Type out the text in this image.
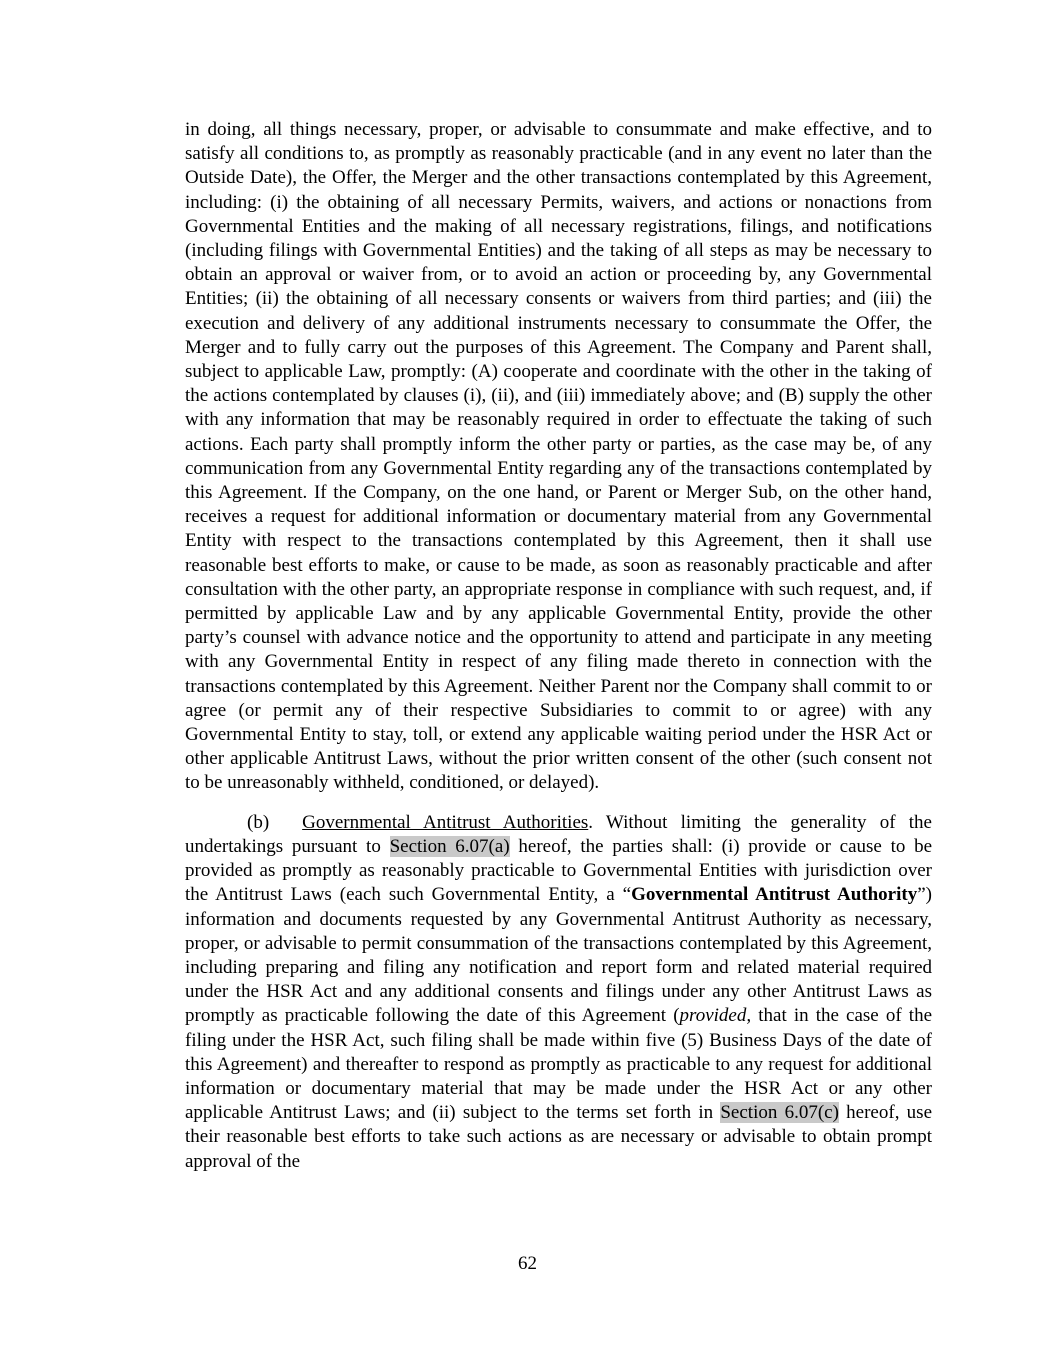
in doing, all things necessary, proper, or advisable to consummate and make effective, and to satisfy all conditions to, as promptly as reasonably practicable (and in any event no later than the Outside Date), the Offer, the Merger and the other transactions contemplated by this Agreement, including: (i) the obtaining of all necessary Permits, waivers, and actions or nonactions from Governmental Entities and the making of all necessary registrations, filings, and notifications (including filings with Governmental Entities) and the taking of all steps as may be necessary to obtain an approval or waiver from, or to avoid an action or proceeding by, any Governmental Entities; (ii) the obtaining of all necessary consents or waivers from third parties; and (iii) the execution and delivery of any additional instruments necessary to consummate the Offer, the Merger and to fully carry out the purposes of this Agreement. The Company and Parent shall, subject to applicable Law, promptly: (A) cooperate and coordinate with the other in the taking of the actions contemplated by clauses (i), (ii), and (iii) immediately above; and (B) supply the other with any information that may be reasonably required in order to effectuate the taking of such actions. Each party shall promptly inform the other party or parties, as the case may be, of any communication from any Governmental Entity regarding any of the transactions contemplated by this Agreement. If the Company, on the one hand, or Parent or Merger Sub, on the other hand, receives a request for additional information or documentary material from any Governmental Entity with respect to the transactions contemplated by this Agreement, then it shall use reasonable best efforts to make, or cause to be made, as soon as reasonably practicable and after consultation with the other party, an appropriate response in compliance with such request, and, if permitted by applicable Law and by any applicable Governmental Entity, provide the other party’s counsel with advance notice and the opportunity to attend and participate in any meeting with any Governmental Entity in respect of any filing made thereto in connection with the transactions contemplated by this Agreement. Neither Parent nor the Company shall commit to or agree (or permit any of their respective Subsidiaries to commit to or agree) with any Governmental Entity to stay, toll, or extend any applicable waiting period under the HSR Act or other applicable Antitrust Laws, without the prior written consent of the other (such consent not to be unreasonably withheld, conditioned, or delayed).

(b) Governmental Antitrust Authorities. Without limiting the generality of the undertakings pursuant to Section 6.07(a) hereof, the parties shall: (i) provide or cause to be provided as promptly as reasonably practicable to Governmental Entities with jurisdiction over the Antitrust Laws (each such Governmental Entity, a “Governmental Antitrust Authority”) information and documents requested by any Governmental Antitrust Authority as necessary, proper, or advisable to permit consummation of the transactions contemplated by this Agreement, including preparing and filing any notification and report form and related material required under the HSR Act and any additional consents and filings under any other Antitrust Laws as promptly as practicable following the date of this Agreement (provided, that in the case of the filing under the HSR Act, such filing shall be made within five (5) Business Days of the date of this Agreement) and thereafter to respond as promptly as practicable to any request for additional information or documentary material that may be made under the HSR Act or any other applicable Antitrust Laws; and (ii) subject to the terms set forth in Section 6.07(c) hereof, use their reasonable best efforts to take such actions as are necessary or advisable to obtain prompt approval of the

62
